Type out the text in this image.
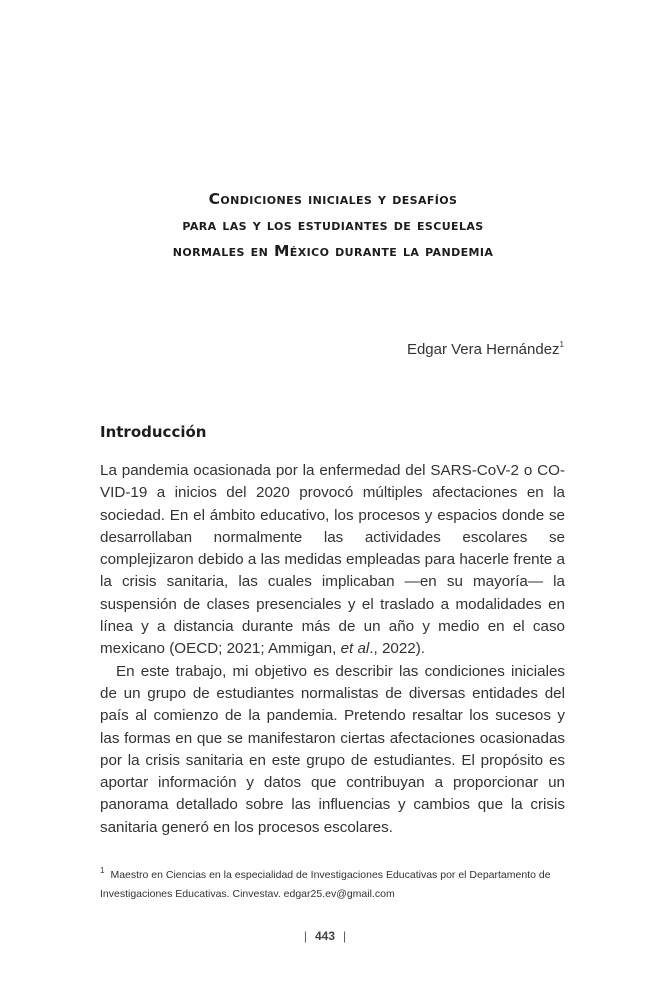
Condiciones iniciales y desafíos
para las y los estudiantes de escuelas
normales en México durante la pandemia
Edgar Vera Hernández$^1$
Introducción

La pandemia ocasionada por la enfermedad del SARS-CoV-2 o CO-VID-19 a inicios del 2020 provocó múltiples afectaciones en la sociedad. En el ámbito educativo, los procesos y espacios donde se desarrollaban normalmente las actividades escolares se complejizaron debido a las medidas empleadas para hacerle frente a la crisis sanitaria, las cuales implicaban —en su mayoría— la suspensión de clases presenciales y el traslado a modalidades en línea y a distancia durante más de un año y medio en el caso mexicano (OECD; 2021; Ammigan, et al., 2022).

En este trabajo, mi objetivo es describir las condiciones iniciales de un grupo de estudiantes normalistas de diversas entidades del país al comienzo de la pandemia. Pretendo resaltar los sucesos y las formas en que se manifestaron ciertas afectaciones ocasionadas por la crisis sanitaria en este grupo de estudiantes. El propósito es aportar información y datos que contribuyan a proporcionar un panorama detallado sobre las influencias y cambios que la crisis sanitaria generó en los procesos escolares.

$^1$ Maestro en Ciencias en la especialidad de Investigaciones Educativas por el Departamento de Investigaciones Educativas. Cinvestav. edgar25.ev@gmail.com
| 443 |
